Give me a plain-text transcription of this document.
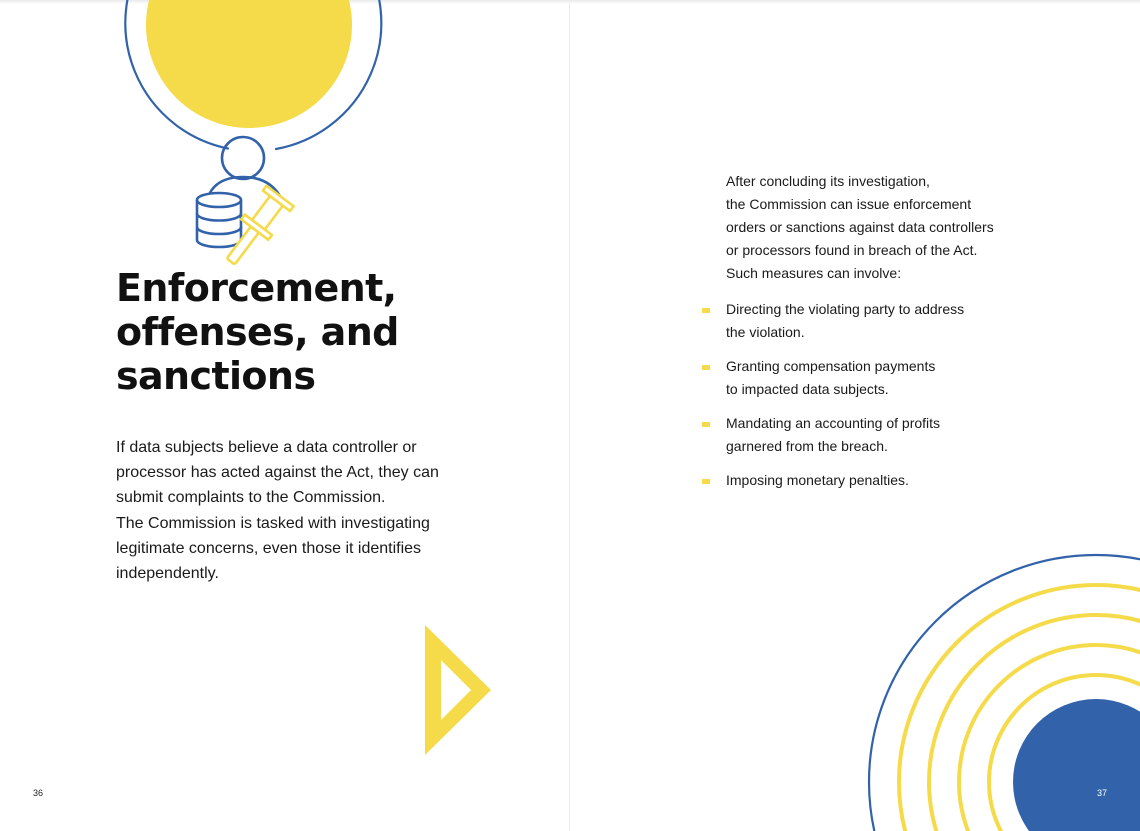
Enforcement,
offenses, and
sanctions
If data subjects believe a data controller or
processor has acted against the Act, they can
submit complaints to the Commission.
The Commission is tasked with investigating
legitimate concerns, even those it identifies
independently.
36
After concluding its investigation,
the Commission can issue enforcement
orders or sanctions against data controllers
or processors found in breach of the Act.
Such measures can involve:
Directing the violating party to address
the violation.
Granting compensation payments
to impacted data subjects.
Mandating an accounting of profits
garnered from the breach.
Imposing monetary penalties.
37
